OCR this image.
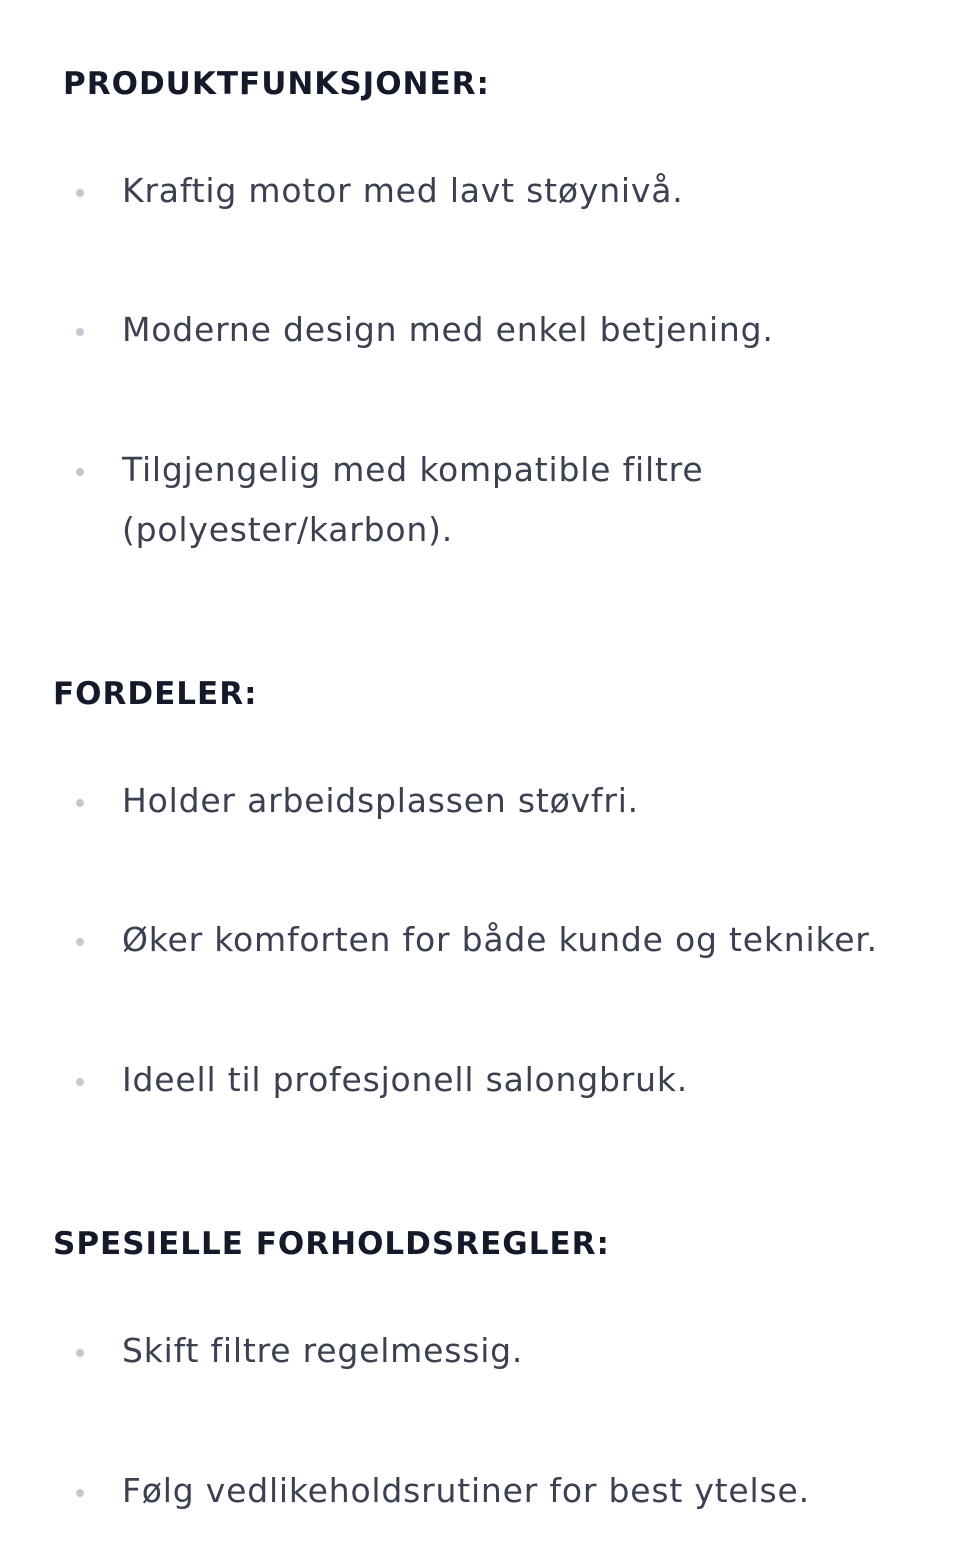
PRODUKTFUNKSJONER:
Kraftig motor med lavt støynivå.
Moderne design med enkel betjening.
Tilgjengelig med kompatible filtre (polyester/karbon).
FORDELER:
Holder arbeidsplassen støvfri.
Øker komforten for både kunde og tekniker.
Ideell til profesjonell salongbruk.
SPESIELLE FORHOLDSREGLER:
Skift filtre regelmessig.
Følg vedlikeholdsrutiner for best ytelse.
